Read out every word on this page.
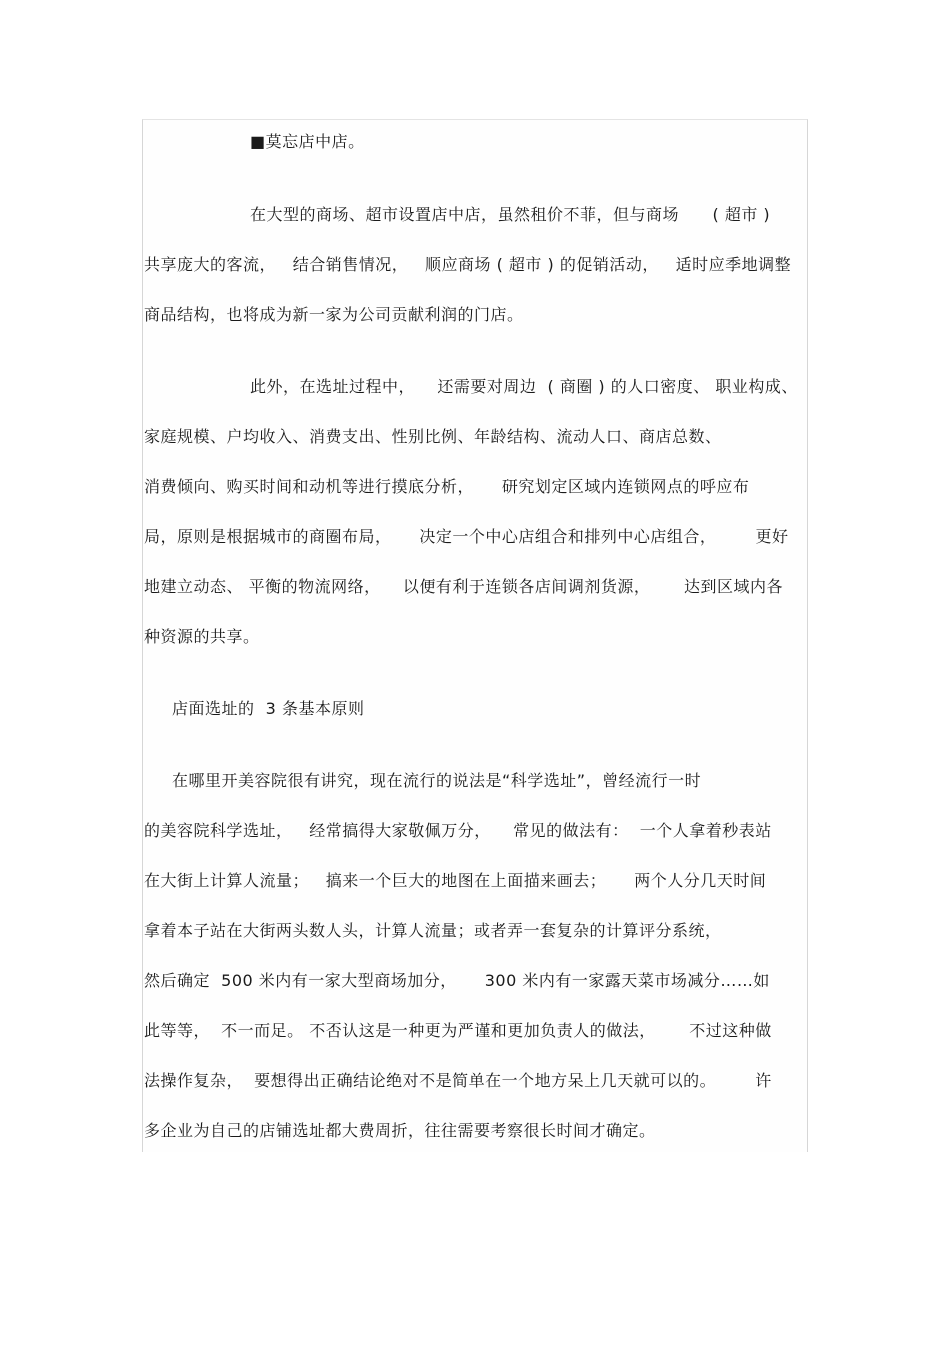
■莫忘店中店。
在大型的商场、超市设置店中店，虽然租价不菲，但与商场      ( 超市 )
共享庞大的客流，   结合销售情况，   顺应商场 ( 超市 ) 的促销活动，   适时应季地调整
商品结构，也将成为新一家为公司贡献利润的门店。
此外，在选址过程中，    还需要对周边  ( 商圈 ) 的人口密度、 职业构成、
家庭规模、户均收入、消费支出、性别比例、年龄结构、流动人口、商店总数、
消费倾向、购买时间和动机等进行摸底分析，     研究划定区域内连锁网点的呼应布
局，原则是根据城市的商圈布局，     决定一个中心店组合和排列中心店组合，       更好
地建立动态、 平衡的物流网络，    以便有利于连锁各店间调剂货源，      达到区域内各
种资源的共享。
店面选址的  3 条基本原则
在哪里开美容院很有讲究，现在流行的说法是“科学选址”，曾经流行一时
的美容院科学选址，   经常搞得大家敬佩万分，    常见的做法有：  一个人拿着秒表站
在大街上计算人流量；   搞来一个巨大的地图在上面描来画去；     两个人分几天时间
拿着本子站在大街两头数人头，计算人流量；或者弄一套复杂的计算评分系统，
然后确定  500 米内有一家大型商场加分，     300 米内有一家露天菜市场减分……如
此等等，  不一而足。 不否认这是一种更为严谨和更加负责人的做法，      不过这种做
法操作复杂，  要想得出正确结论绝对不是简单在一个地方呆上几天就可以的。       许
多企业为自己的店铺选址都大费周折，往往需要考察很长时间才确定。
